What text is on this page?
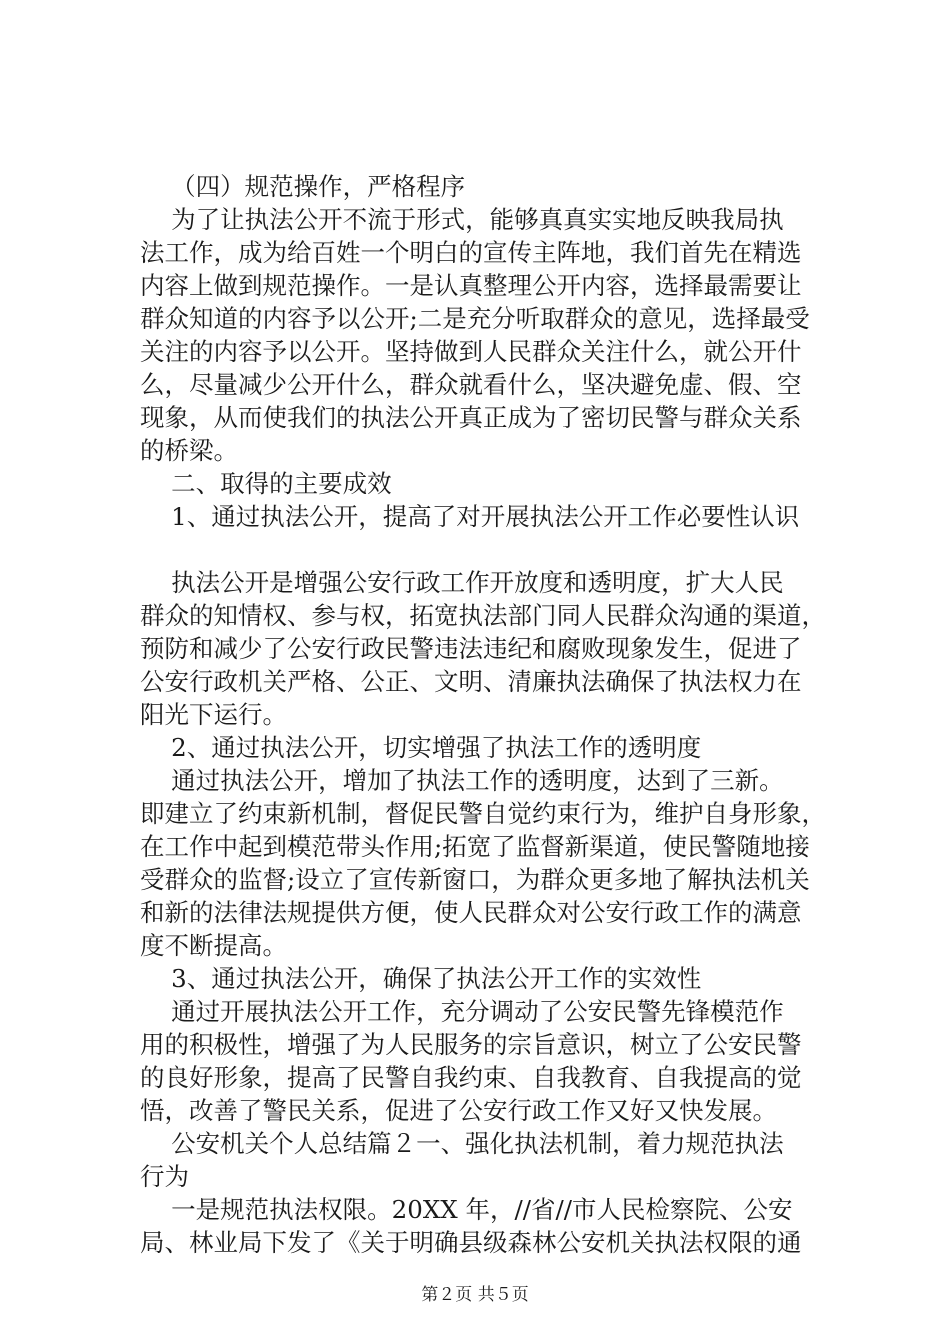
（四）规范操作，严格程序
为了让执法公开不流于形式，能够真真实实地反映我局执
法工作，成为给百姓一个明白的宣传主阵地，我们首先在精选
内容上做到规范操作。一是认真整理公开内容，选择最需要让
群众知道的内容予以公开;二是充分听取群众的意见，选择最受
关注的内容予以公开。坚持做到人民群众关注什么，就公开什
么，尽量减少公开什么，群众就看什么，坚决避免虚、假、空
现象，从而使我们的执法公开真正成为了密切民警与群众关系
的桥梁。
二、取得的主要成效
1、通过执法公开，提高了对开展执法公开工作必要性认识
执法公开是增强公安行政工作开放度和透明度，扩大人民
群众的知情权、参与权，拓宽执法部门同人民群众沟通的渠道，
预防和减少了公安行政民警违法违纪和腐败现象发生，促进了
公安行政机关严格、公正、文明、清廉执法确保了执法权力在
阳光下运行。
2、通过执法公开，切实增强了执法工作的透明度
通过执法公开，增加了执法工作的透明度，达到了三新。
即建立了约束新机制，督促民警自觉约束行为，维护自身形象，
在工作中起到模范带头作用;拓宽了监督新渠道，使民警随地接
受群众的监督;设立了宣传新窗口，为群众更多地了解执法机关
和新的法律法规提供方便，使人民群众对公安行政工作的满意
度不断提高。
3、通过执法公开，确保了执法公开工作的实效性
通过开展执法公开工作，充分调动了公安民警先锋模范作
用的积极性，增强了为人民服务的宗旨意识，树立了公安民警
的良好形象，提高了民警自我约束、自我教育、自我提高的觉
悟，改善了警民关系，促进了公安行政工作又好又快发展。
公安机关个人总结篇２一、强化执法机制，着力规范执法
行为
一是规范执法权限。20XX 年，//省//市人民检察院、公安
局、林业局下发了《关于明确县级森林公安机关执法权限的通
第２页 共５页
